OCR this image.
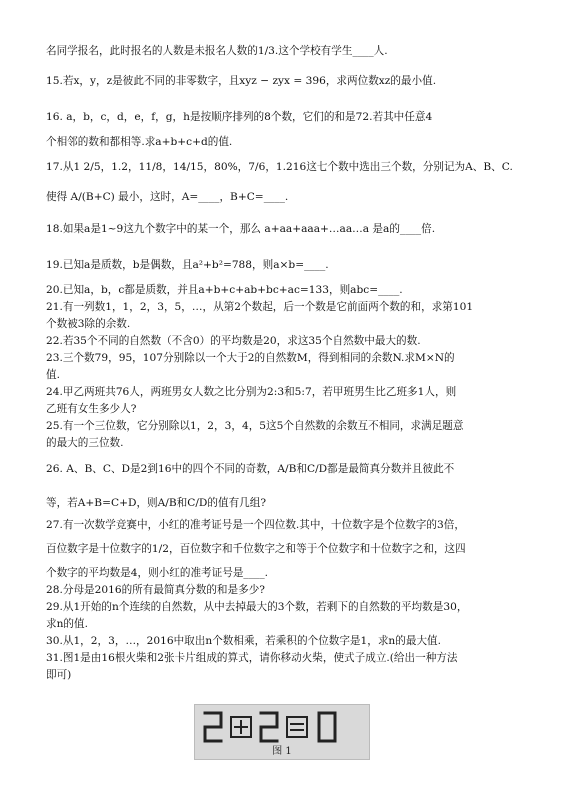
名同学报名，此时报名的人数是未报名人数的1/3.这个学校有学生____人.
15.若x，y，z是彼此不同的非零数字，且xyz − zyx = 396，求两位数xz的最小值.
16. a，b，c，d，e，f，g，h是按顺序排列的8个数，它们的和是72.若其中任意4
个相邻的数和都相等.求a+b+c+d的值.
17.从1 2/5，1.2，11/8，14/15，80%，7/6，1.216这七个数中选出三个数，分别记为A、B、C.
使得 A/(B+C) 最小，这时，A=____，B+C=____.
18.如果a是1~9这九个数字中的某一个，那么 a+aa+aaa+…aa…a 是a的____倍.
19.已知a是质数，b是偶数，且a²+b²=788，则a×b=____.
20.已知a，b，c都是质数，并且a+b+c+ab+bc+ac=133，则abc=____.
21.有一列数1，1，2，3，5，…，从第2个数起，后一个数是它前面两个数的和，求第101
个数被3除的余数.
22.若35个不同的自然数（不含0）的平均数是20，求这35个自然数中最大的数.
23.三个数79，95，107分别除以一个大于2的自然数M，得到相同的余数N.求M×N的
值.
24.甲乙两班共76人，两班男女人数之比分别为2:3和5:7，若甲班男生比乙班多1人，则
乙班有女生多少人?
25.有一个三位数，它分别除以1，2，3，4，5这5个自然数的余数互不相同，求满足题意
的最大的三位数.
26. A、B、C、D是2到16中的四个不同的奇数，A/B和C/D都是最简真分数并且彼此不
等，若A+B=C+D，则A/B和C/D的值有几组?
27.有一次数学竞赛中，小红的准考证号是一个四位数.其中，十位数字是个位数字的3倍，
百位数字是十位数字的1/2，百位数字和千位数字之和等于个位数字和十位数字之和，这四
个数字的平均数是4，则小红的准考证号是____.
28.分母是2016的所有最简真分数的和是多少?
29.从1开始的n个连续的自然数，从中去掉最大的3个数，若剩下的自然数的平均数是30，
求n的值.
30.从1，2，3，…，2016中取出n个数相乘，若乘积的个位数字是1，求n的最大值.
31.图1是由16根火柴和2张卡片组成的算式，请你移动火柴，使式子成立.(给出一种方法
即可)
图 1
